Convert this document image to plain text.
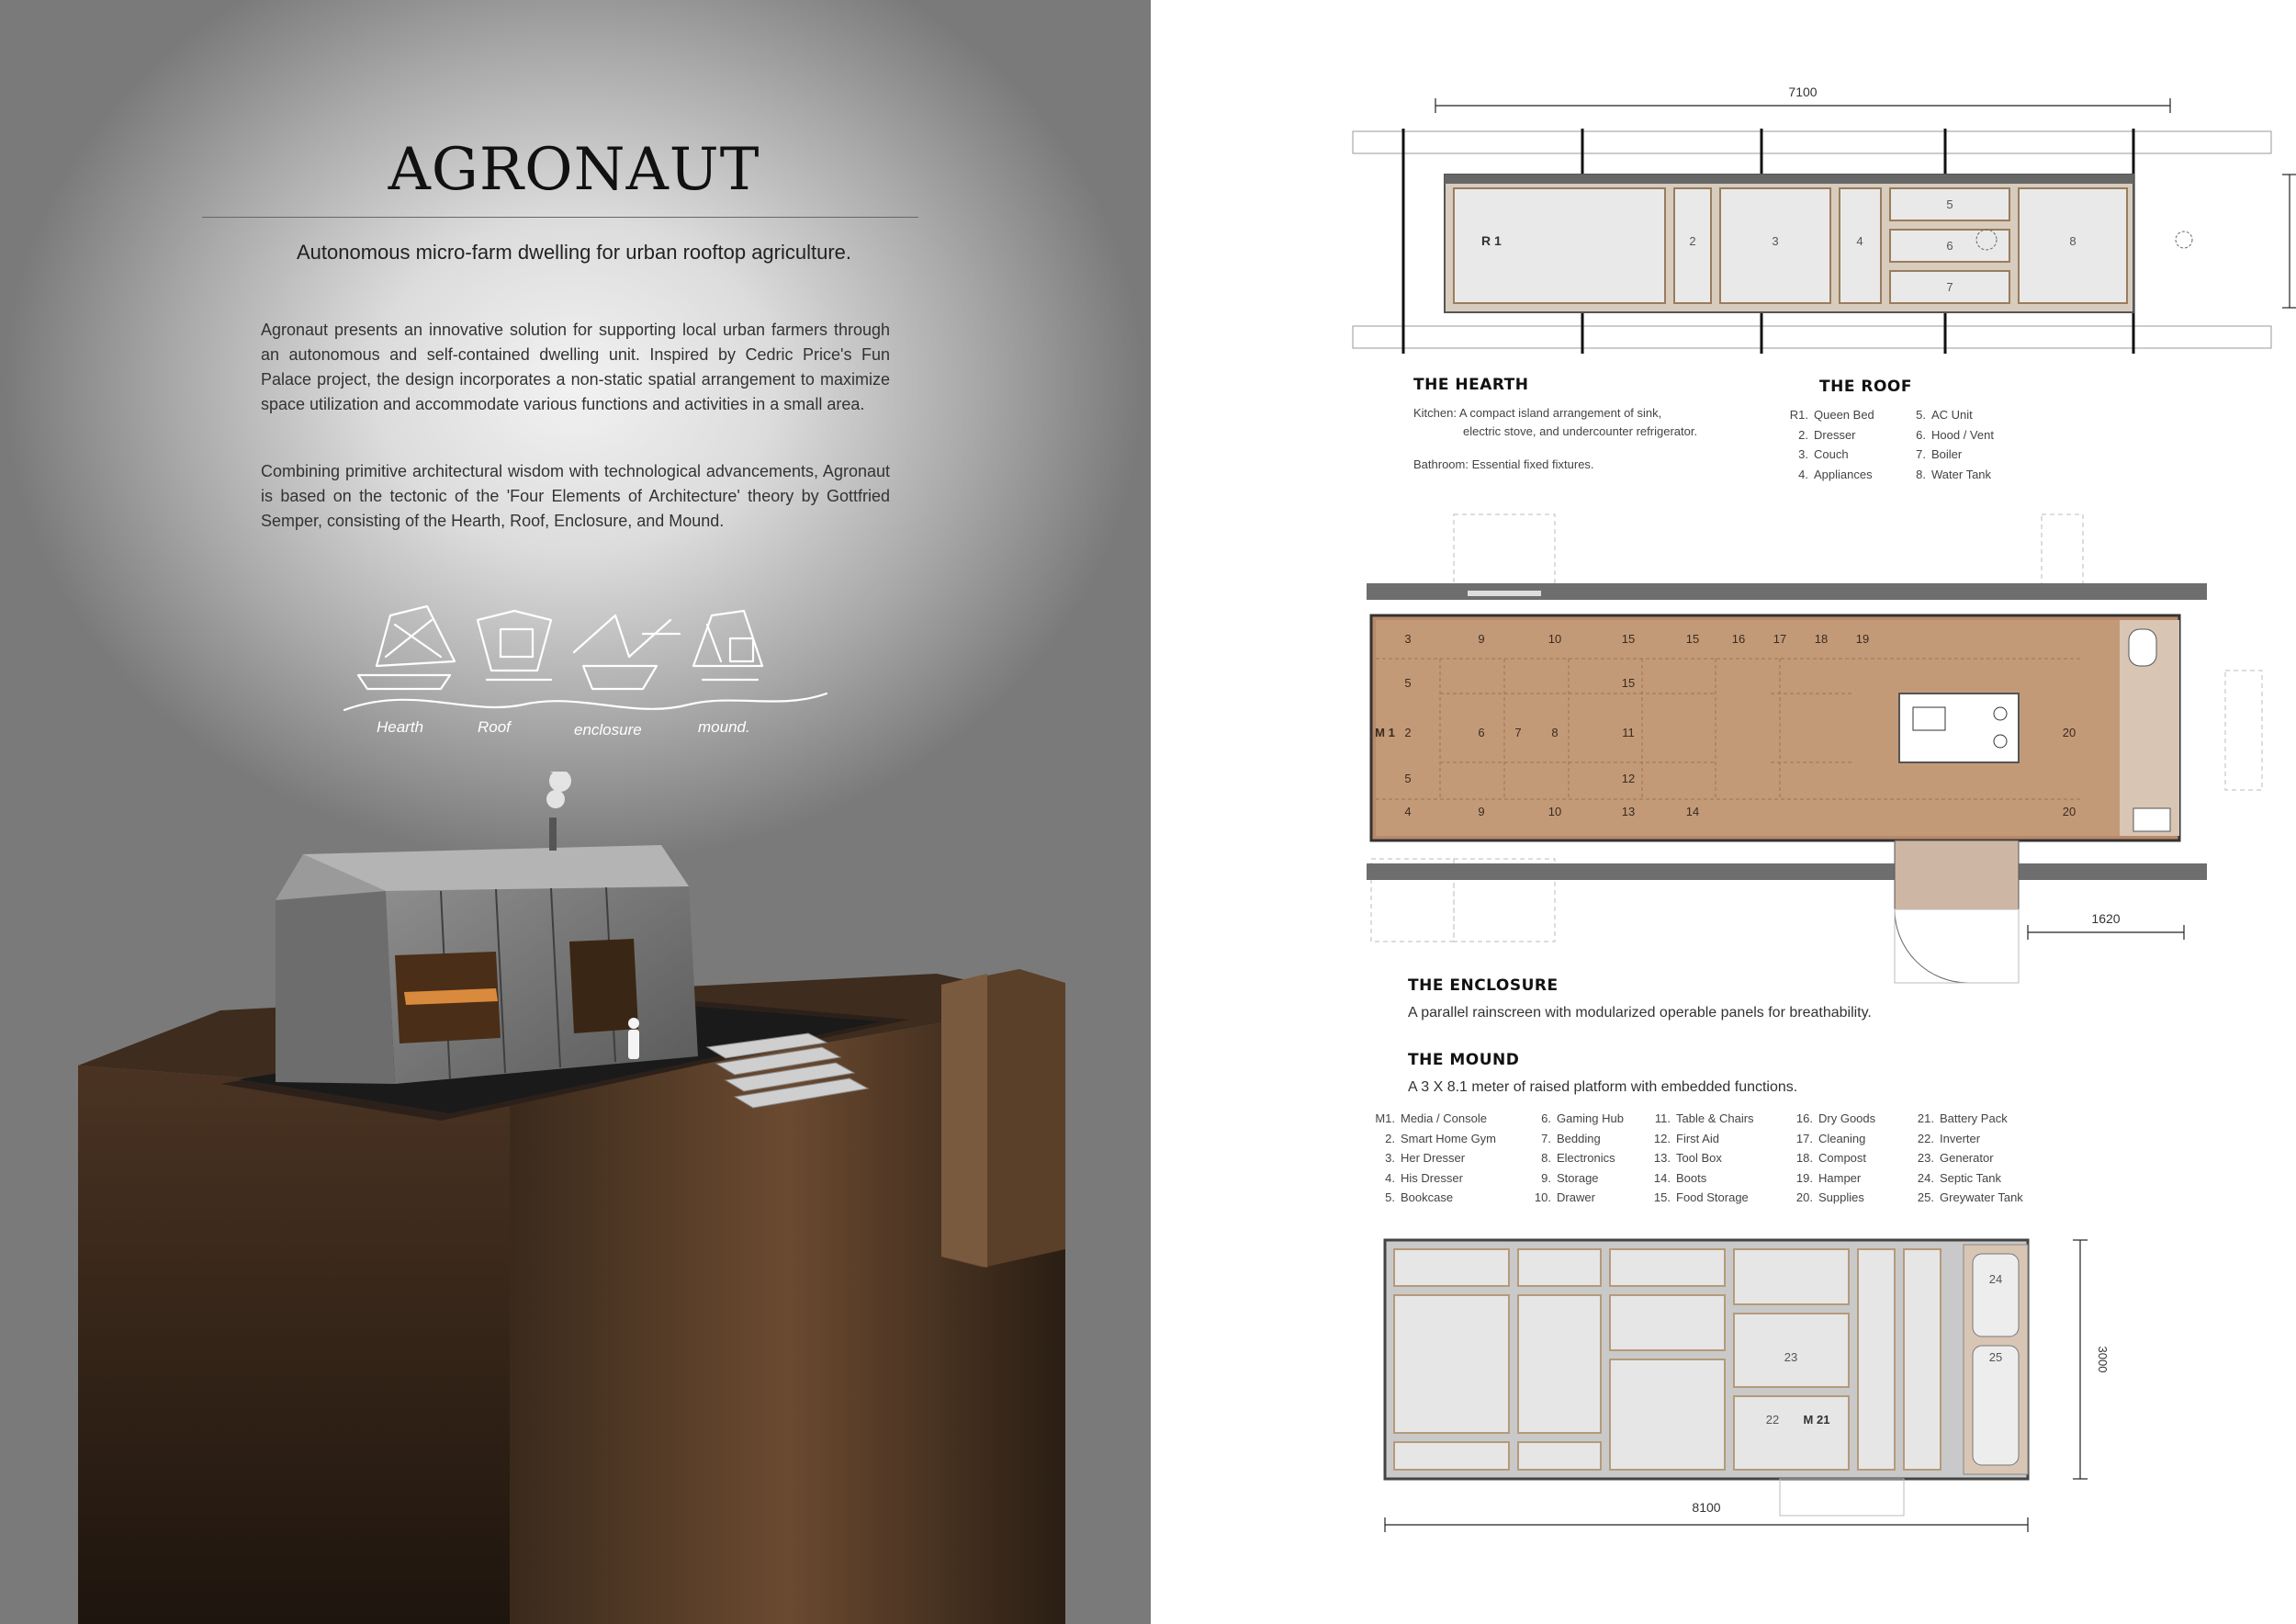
AGRONAUT
Autonomous micro-farm dwelling for urban rooftop agriculture.

Agronaut presents an innovative solution for supporting local urban farmers through an autonomous and self-contained dwelling unit. Inspired by Cedric Price's Fun Palace project, the design incorporates a non-static spatial arrangement to maximize space utilization and accommodate various functions and activities in a small area.

Combining primitive architectural wisdom with technological advancements, Agronaut is based on the tectonic of the 'Four Elements of Architecture' theory by Gottfried Semper, consisting of the Hearth, Roof, Enclosure, and Mound.

Hearth	Roof	enclosure	mound.
7100
R 1	2	3	4
5
6
7
8
THE HEARTH
Kitchen: A compact island arrangement of sink,
electric stove, and undercounter refrigerator.
Bathroom: Essential fixed fixtures.
THE ROOF
R1. Queen Bed
2. Dresser
3. Couch
4. Appliances
5. AC Unit
6. Hood / Vent
7. Boiler
8. Water Tank
1620
3	9	10	15	15	16 17 18 19
5	15
M 1 2	6	7	8	11	20
5	12
4	9	10	13	14	20
THE ENCLOSURE
A parallel rainscreen with modularized operable panels for breathability.
THE MOUND
A 3 X 8.1 meter of raised platform with embedded functions.
M1. Media / Console
2. Smart Home Gym
3. Her Dresser
4. His Dresser
5. Bookcase
6. Gaming Hub
7. Bedding
8. Electronics
9. Storage
10. Drawer
11. Table & Chairs
12. First Aid
13. Tool Box
14. Boots
15. Food Storage
16. Dry Goods
17. Cleaning
18. Compost
19. Hamper
20. Supplies
21. Battery Pack
22. Inverter
23. Generator
24. Septic Tank
25. Greywater Tank
24
25
23
22 M 21
8100
3000
